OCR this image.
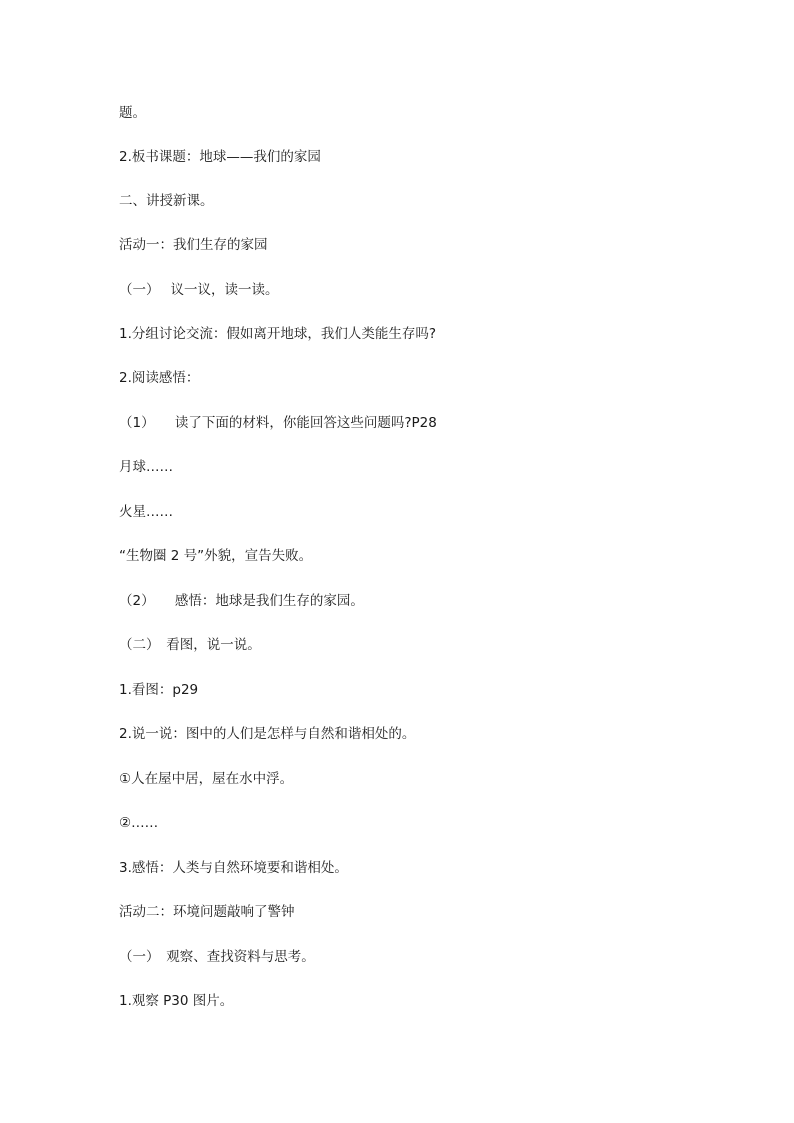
题。

2.板书课题：地球——我们的家园

二、讲授新课。

活动一：我们生存的家园

（一）　 议一议，读一读。

1.分组讨论交流：假如离开地球，我们人类能生存吗?

2.阅读感悟：

（1）　　读了下面的材料，你能回答这些问题吗?P28

月球……

火星……

“生物圈 2 号”外貌，宣告失败。

（2）　　感悟：地球是我们生存的家园。

（二）　看图，说一说。

1.看图：p29

2.说一说：图中的人们是怎样与自然和谐相处的。

①人在屋中居，屋在水中浮。

②……

3.感悟：人类与自然环境要和谐相处。

活动二：环境问题敲响了警钟

（一）　观察、查找资料与思考。

1.观察 P30 图片。
